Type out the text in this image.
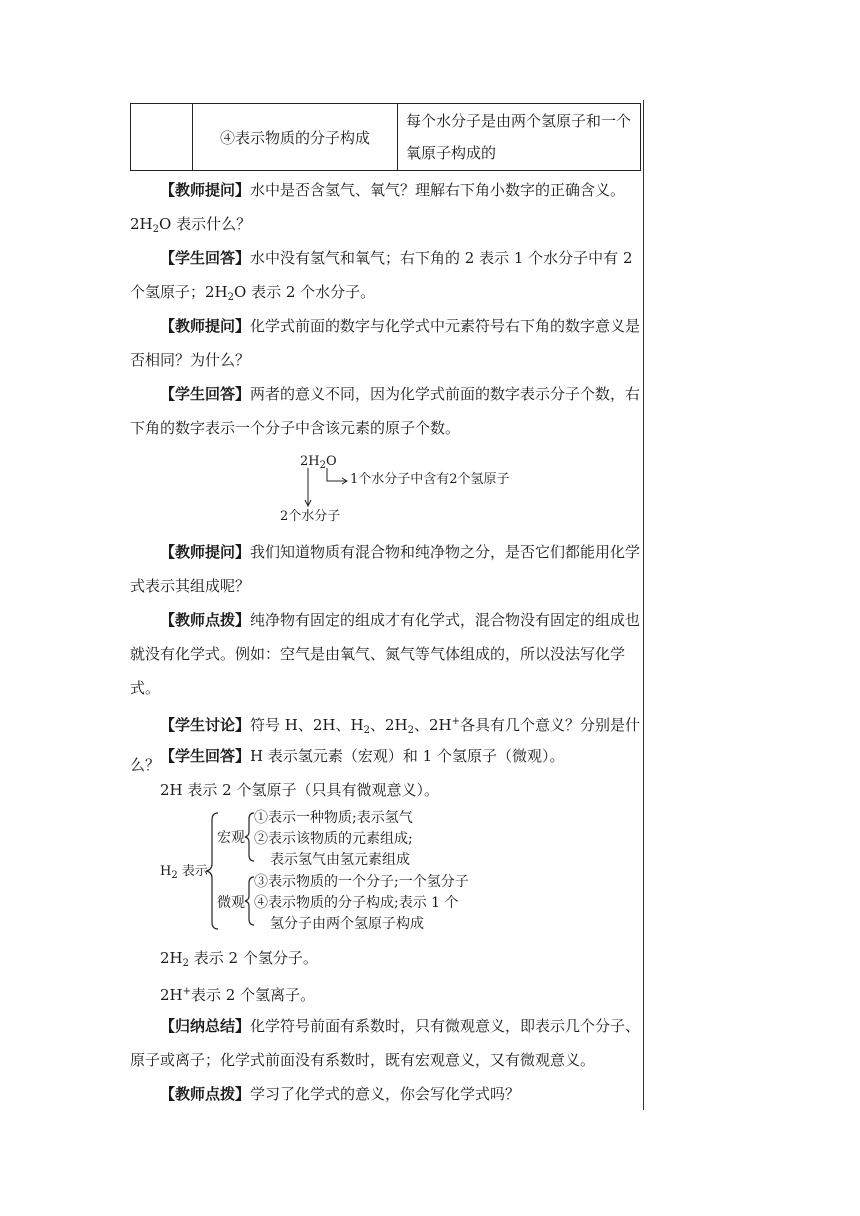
	④表示物质的分子构成	每个水分子是由两个氢原子和一个氧原子构成的

【教师提问】水中是否含氢气、氧气？理解右下角小数字的正确含义。$2H_2O$ 表示什么？

【学生回答】水中没有氢气和氧气；右下角的 2 表示 1 个水分子中有 2 个氢原子；$2H_2O$ 表示 2 个水分子。

【教师提问】化学式前面的数字与化学式中元素符号右下角的数字意义是否相同？为什么？

【学生回答】两者的意义不同，因为化学式前面的数字表示分子个数，右下角的数字表示一个分子中含该元素的原子个数。

$2H_2O$
1个水分子中含有2个氢原子
2个水分子

【教师提问】我们知道物质有混合物和纯净物之分，是否它们都能用化学式表示其组成呢？

【教师点拨】纯净物有固定的组成才有化学式，混合物没有固定的组成也就没有化学式。例如：空气是由氧气、氮气等气体组成的，所以没法写化学式。

【学生讨论】符号 H、2H、$H_2$、$2H_2$、2H+各具有几个意义？分别是什么？ 【学生回答】H 表示氢元素（宏观）和 1 个氢原子（微观）。

2H 表示 2 个氢原子（只具有微观意义）。

$H_2$ 表示
宏观
微观
①表示一种物质;表示氢气
②表示该物质的元素组成;
表示氢气由氢元素组成
③表示物质的一个分子;一个氢分子
④表示物质的分子构成;表示 1 个
氢分子由两个氢原子构成

$2H_2$ 表示 2 个氢分子。

2H+表示 2 个氢离子。

【归纳总结】化学符号前面有系数时，只有微观意义，即表示几个分子、原子或离子；化学式前面没有系数时，既有宏观意义，又有微观意义。

【教师点拨】学习了化学式的意义，你会写化学式吗？
